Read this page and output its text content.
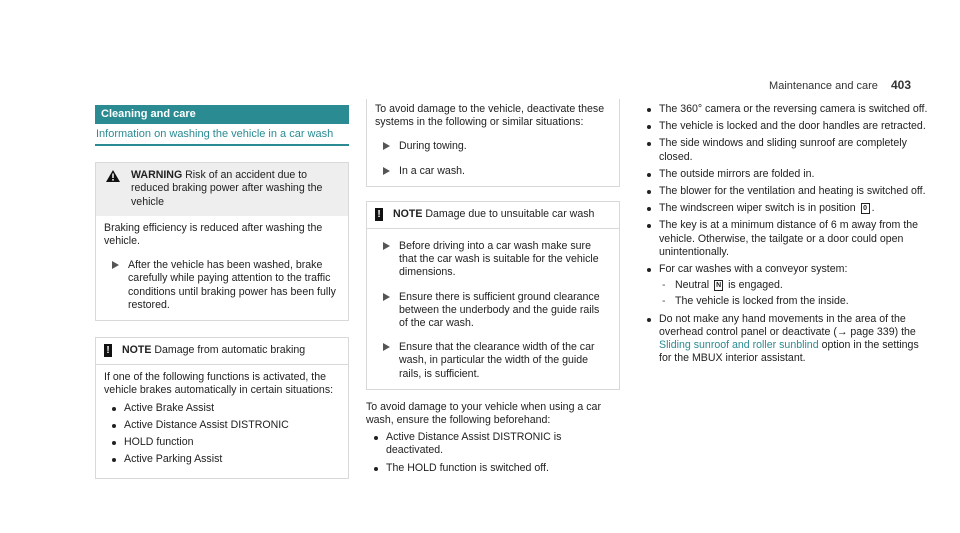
Maintenance and care 403
Cleaning and care
Information on washing the vehicle in a car wash
WARNING Risk of an accident due to reduced braking power after washing the vehicle

Braking efficiency is reduced after washing the vehicle.

After the vehicle has been washed, brake carefully while paying attention to the traffic conditions until braking power has been fully restored.
!	NOTE Damage from automatic braking

If one of the following functions is activated, the vehicle brakes automatically in certain situations:

Active Brake Assist
Active Distance Assist DISTRONIC
HOLD function
Active Parking Assist

To avoid damage to the vehicle, deactivate these systems in the following or similar situations:

During towing.
In a car wash.
!	NOTE Damage due to unsuitable car wash
Before driving into a car wash make sure that the car wash is suitable for the vehicle dimensions.
Ensure there is sufficient ground clearance between the underbody and the guide rails of the car wash.
Ensure that the clearance width of the car wash, in particular the width of the guide rails, is sufficient.

To avoid damage to your vehicle when using a car wash, ensure the following beforehand:

Active Distance Assist DISTRONIC is deactivated.
The HOLD function is switched off.
The 360° camera or the reversing camera is switched off.
The vehicle is locked and the door handles are retracted.
The side windows and sliding sunroof are completely closed.
The outside mirrors are folded in.
The blower for the ventilation and heating is switched off.
The windscreen wiper switch is in position 0 .
The key is at a minimum distance of 6 m away from the vehicle. Otherwise, the tailgate or a door could open unintentionally.
For car washes with a conveyor system:
- Neutral N is engaged.
- The vehicle is locked from the inside.
Do not make any hand movements in the area of the overhead control panel or deactivate (→ page 339) the Sliding sunroof and roller sunblind option in the settings for the MBUX interior assistant.
